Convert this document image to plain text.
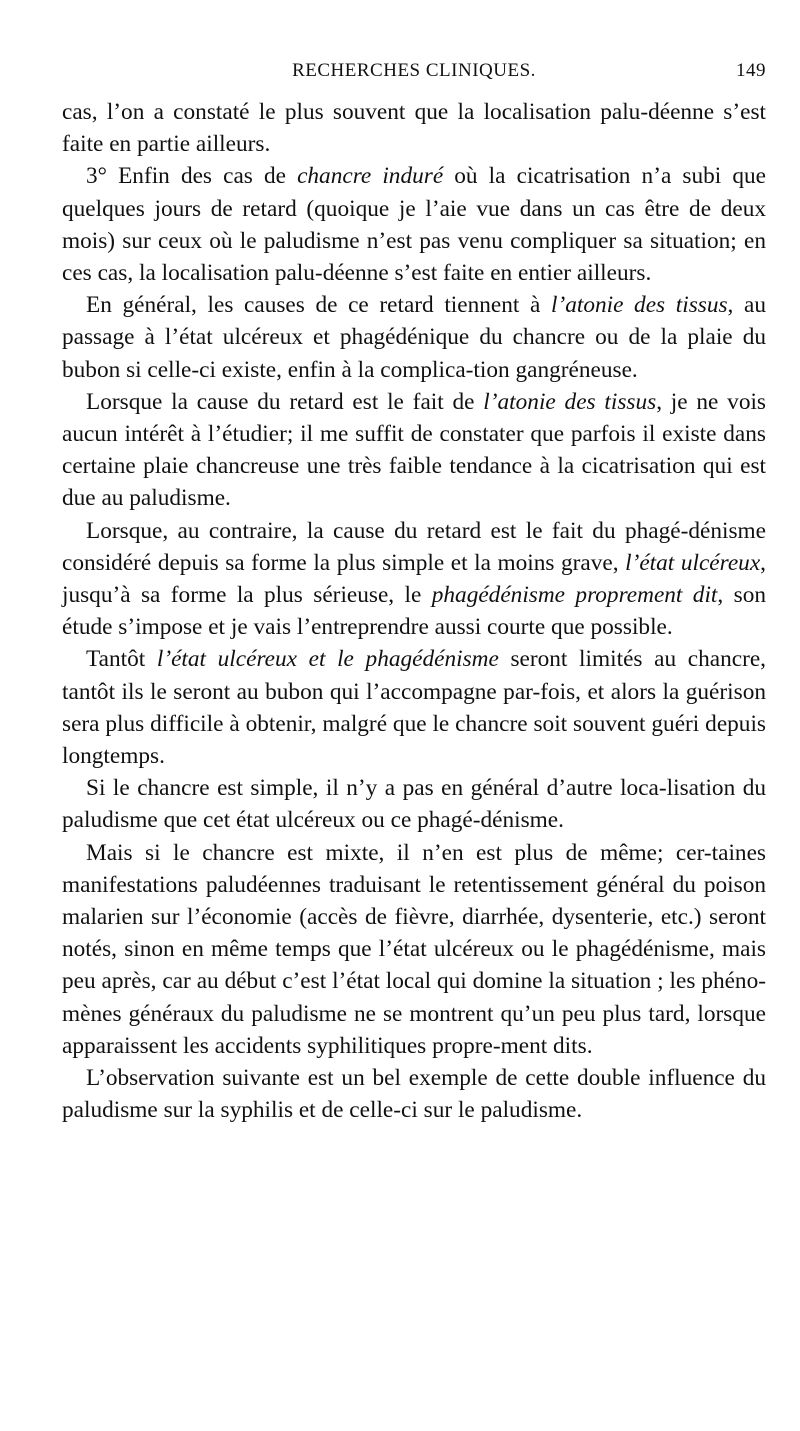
RECHERCHES CLINIQUES.	149

cas, l’on a constaté le plus souvent que la localisation palu-déenne s’est faite en partie ailleurs.

3° Enfin des cas de chancre induré où la cicatrisation n’a subi que quelques jours de retard (quoique je l’aie vue dans un cas être de deux mois) sur ceux où le paludisme n’est pas venu compliquer sa situation; en ces cas, la localisation palu-déenne s’est faite en entier ailleurs.

En général, les causes de ce retard tiennent à l’atonie des tissus, au passage à l’état ulcéreux et phagédénique du chancre ou de la plaie du bubon si celle-ci existe, enfin à la complica-tion gangréneuse.

Lorsque la cause du retard est le fait de l’atonie des tissus, je ne vois aucun intérêt à l’étudier; il me suffit de constater que parfois il existe dans certaine plaie chancreuse une très faible tendance à la cicatrisation qui est due au paludisme.

Lorsque, au contraire, la cause du retard est le fait du phagé-dénisme considéré depuis sa forme la plus simple et la moins grave, l’état ulcéreux, jusqu’à sa forme la plus sérieuse, le phagédénisme proprement dit, son étude s’impose et je vais l’entreprendre aussi courte que possible.

Tantôt l’état ulcéreux et le phagédénisme seront limités au chancre, tantôt ils le seront au bubon qui l’accompagne par-fois, et alors la guérison sera plus difficile à obtenir, malgré que le chancre soit souvent guéri depuis longtemps.

Si le chancre est simple, il n’y a pas en général d’autre loca-lisation du paludisme que cet état ulcéreux ou ce phagé-dénisme.

Mais si le chancre est mixte, il n’en est plus de même; cer-taines manifestations paludéennes traduisant le retentissement général du poison malarien sur l’économie (accès de fièvre, diarrhée, dysenterie, etc.) seront notés, sinon en même temps que l’état ulcéreux ou le phagédénisme, mais peu après, car au début c’est l’état local qui domine la situation ; les phéno-mènes généraux du paludisme ne se montrent qu’un peu plus tard, lorsque apparaissent les accidents syphilitiques propre-ment dits.

L’observation suivante est un bel exemple de cette double influence du paludisme sur la syphilis et de celle-ci sur le paludisme.
